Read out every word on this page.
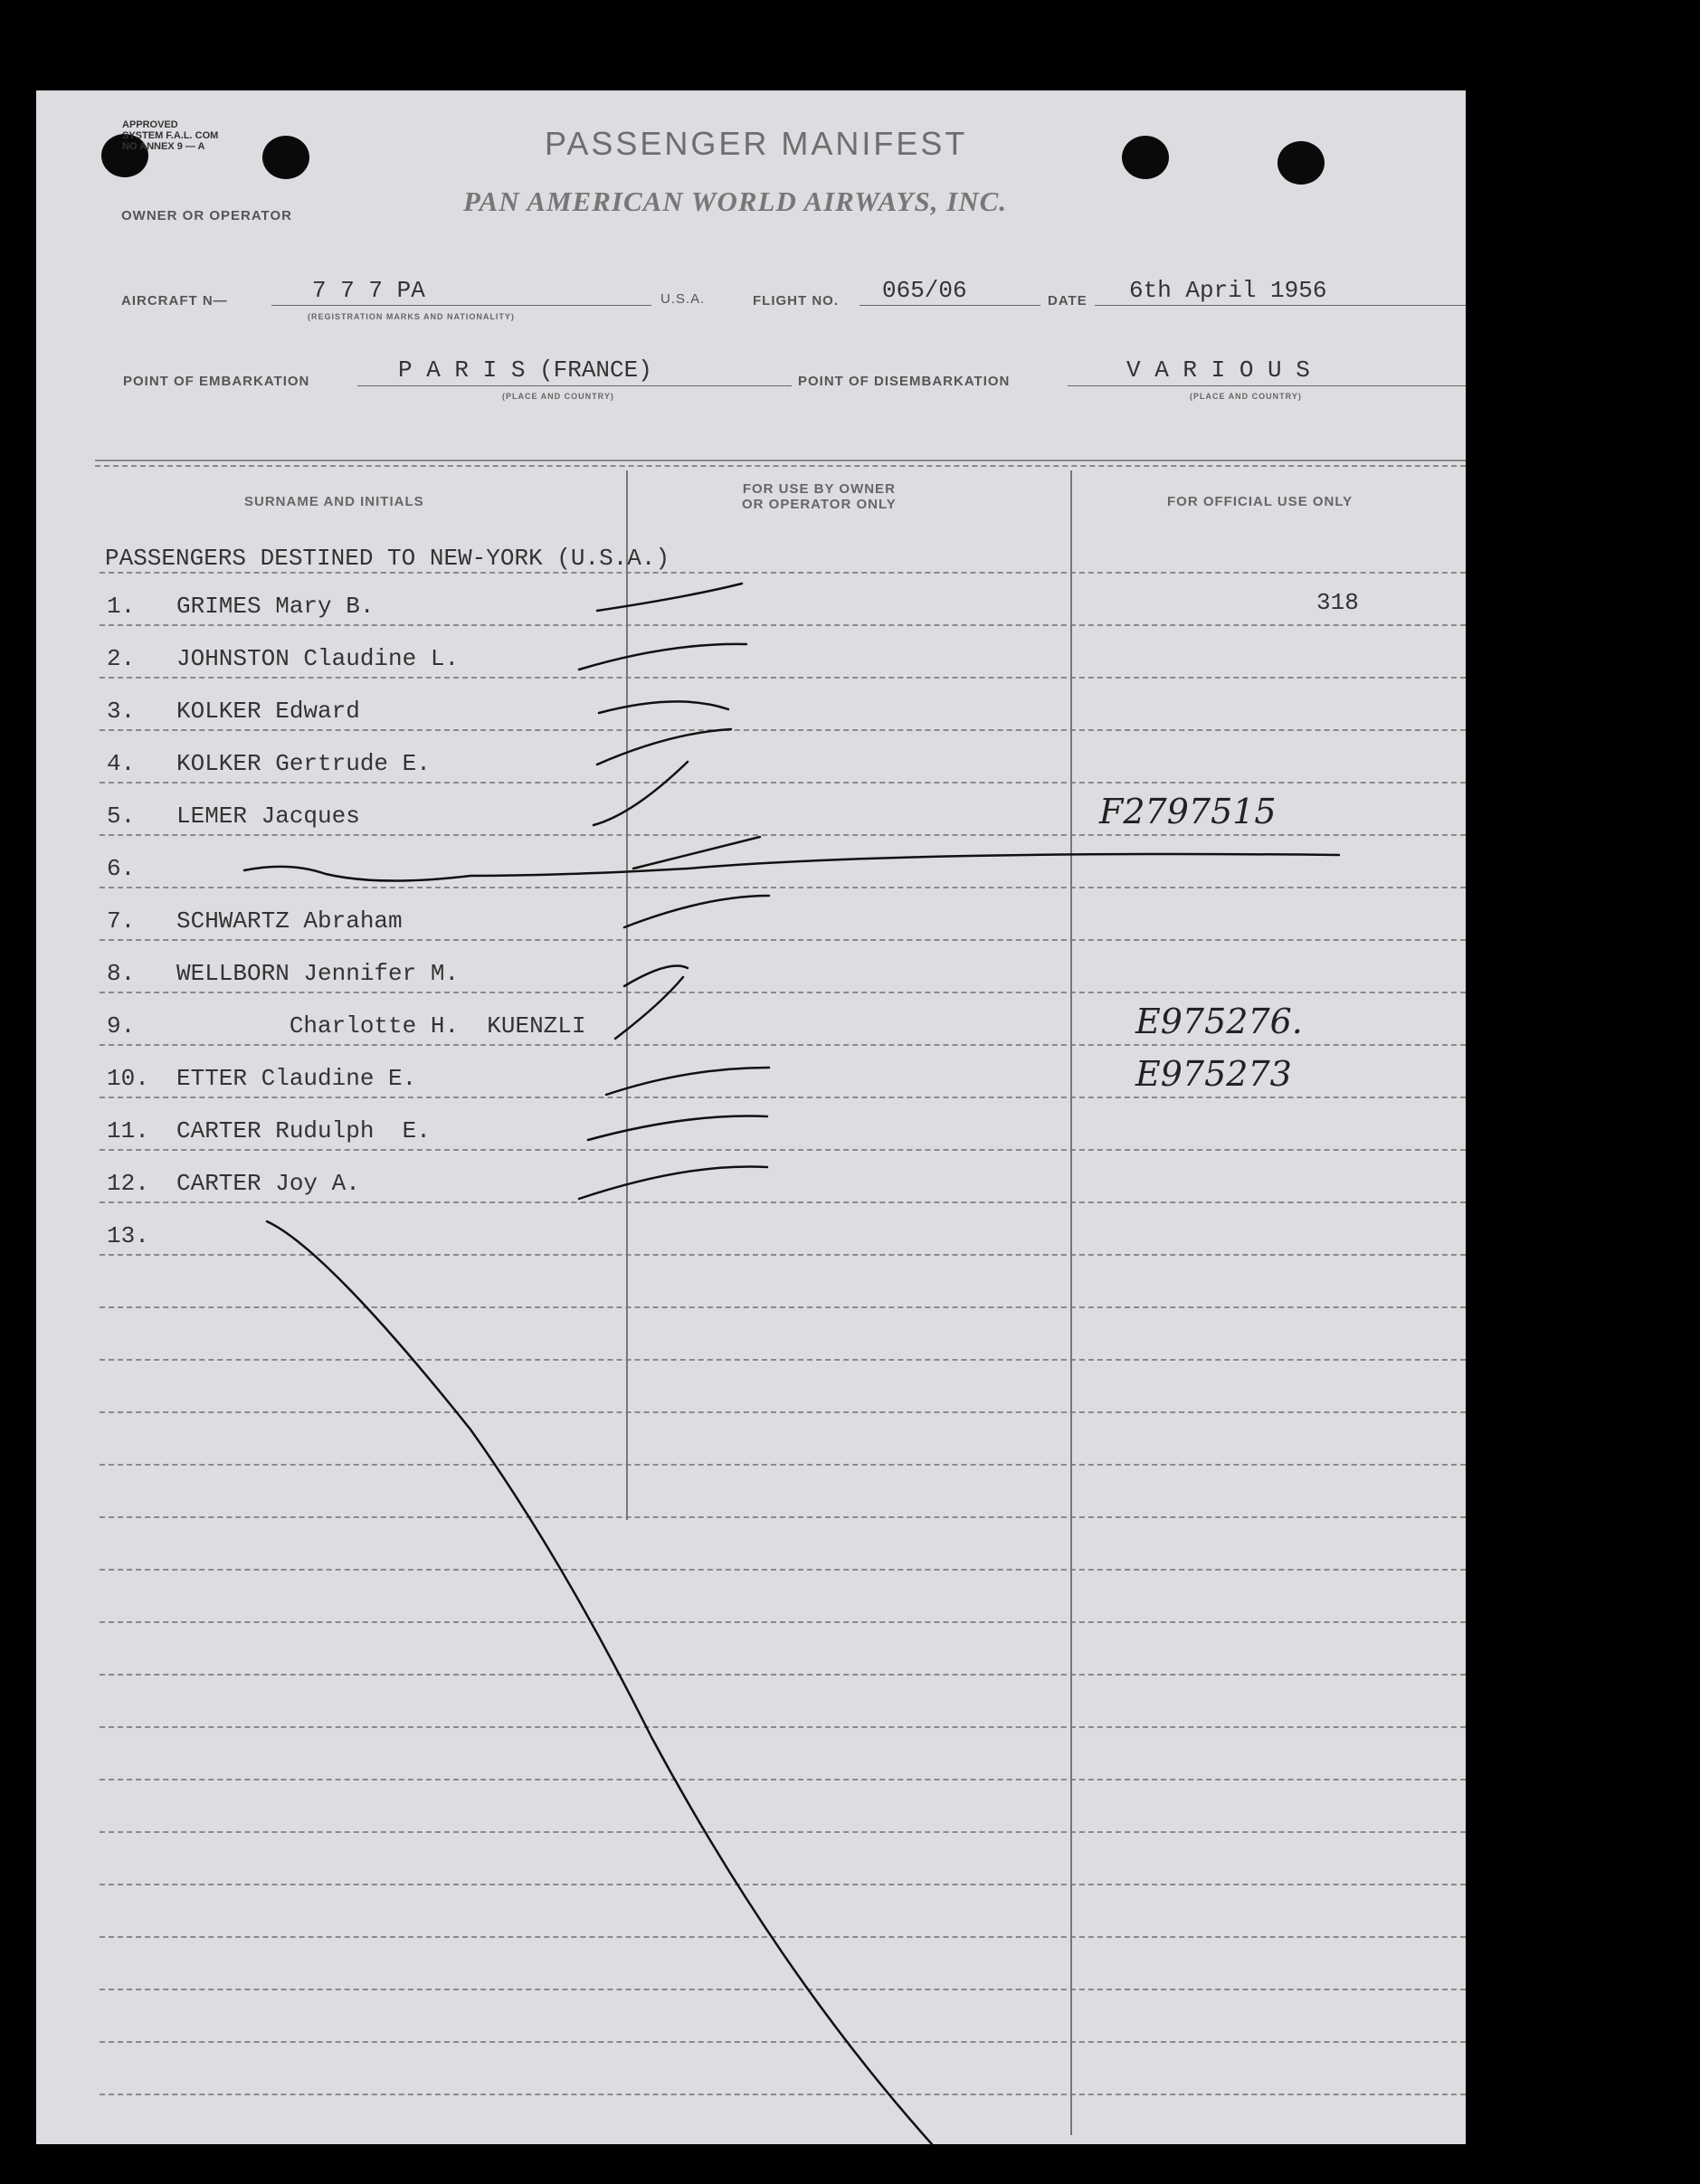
APPROVED
SYSTEM F.A.L. COM
NO ANNEX 9 — A	PASSENGER MANIFEST
OWNER OR OPERATOR	PAN AMERICAN WORLD AIRWAYS, INC.
AIRCRAFT N—	7 7 7 PA
(REGISTRATION MARKS AND NATIONALITY)
U.S.A.	FLIGHT NO. 065/06	DATE 6th April 1956
POINT OF EMBARKATION	P A R I S (FRANCE)
(PLACE AND COUNTRY)
POINT OF DISEMBARKATION	V A R I O U S
(PLACE AND COUNTRY)
SURNAME AND INITIALS
FOR USE BY OWNER
OR OPERATOR ONLY	FOR OFFICIAL USE ONLY
1. GRIMES Mary B.	318
2. JOHNSTON Claudine L.
3. KOLKER Edward
4. KOLKER Gertrude E.
5. LEMER Jacques	F2797515
6.
7. SCHWARTZ Abraham
8. WELLBORN Jennifer M.
9. Charlotte H.  KUENZLI	E975276.
10. ETTER Claudine E.	E975273
11. CARTER Rudulph  E.
12. CARTER Joy A.
13.
PASSENGERS DESTINED TO NEW-YORK (U.S.A.)
